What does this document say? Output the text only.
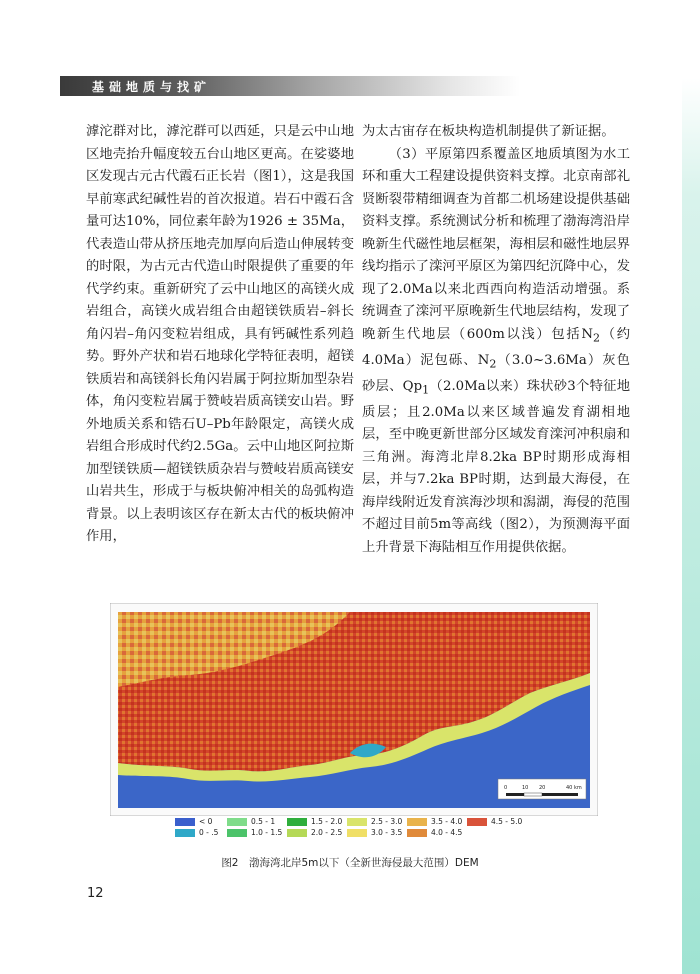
基础地质与找矿

滹沱群对比，滹沱群可以西延，只是云中山地区地壳抬升幅度较五台山地区更高。在娑婆地区发现古元古代霞石正长岩（图1），这是我国早前寒武纪碱性岩的首次报道。岩石中霞石含量可达10%，同位素年龄为1926 ± 35Ma，代表造山带从挤压地壳加厚向后造山伸展转变的时限，为古元古代造山时限提供了重要的年代学约束。重新研究了云中山地区的高镁火成岩组合，高镁火成岩组合由超镁铁质岩–斜长角闪岩–角闪变粒岩组成，具有钙碱性系列趋势。野外产状和岩石地球化学特征表明，超镁铁质岩和高镁斜长角闪岩属于阿拉斯加型杂岩体，角闪变粒岩属于赞岐岩质高镁安山岩。野外地质关系和锆石U–Pb年龄限定，高镁火成岩组合形成时代约2.5Ga。云中山地区阿拉斯加型镁铁质—超镁铁质杂岩与赞岐岩质高镁安山岩共生，形成于与板块俯冲相关的岛弧构造背景。以上表明该区存在新太古代的板块俯冲作用，

为太古宙存在板块构造机制提供了新证据。

（3）平原第四系覆盖区地质填图为水工环和重大工程建设提供资料支撑。北京南部礼贤断裂带精细调查为首都二机场建设提供基础资料支撑。系统测试分析和梳理了渤海湾沿岸晚新生代磁性地层框架，海相层和磁性地层界线均指示了滦河平原区为第四纪沉降中心，发现了2.0Ma以来北西西向构造活动增强。系统调查了滦河平原晚新生代地层结构，发现了晚新生代地层（600m以浅）包括$N_2$（约4.0Ma）泥包砾、$N_2(3.0\sim 3.6Ma)$灰色砂层、$Qp_1(2.0Ma$以来）珠状砂3个特征地质层；且2.0Ma以来区域普遍发育湖相地层，至中晚更新世部分区域发育滦河冲积扇和三角洲。海湾北岸8.2ka BP时期形成海相层，并与7.2ka BP时期，达到最大海侵，在海岸线附近发育滨海沙坝和潟湖，海侵的范围不超过目前5m等高线（图2），为预测海平面上升背景下海陆相互作用提供依据。

0	10 20	40 km
< 0
0 - .5
0.5 - 1
1.0 - 1.5
1.5 - 2.0
2.0 - 2.5
2.5 - 3.0
3.0 - 3.5
3.5 - 4.0
4.0 - 4.5
4.5 - 5.0
图2　渤海湾北岸5m以下（全新世海侵最大范围）DEM
12
